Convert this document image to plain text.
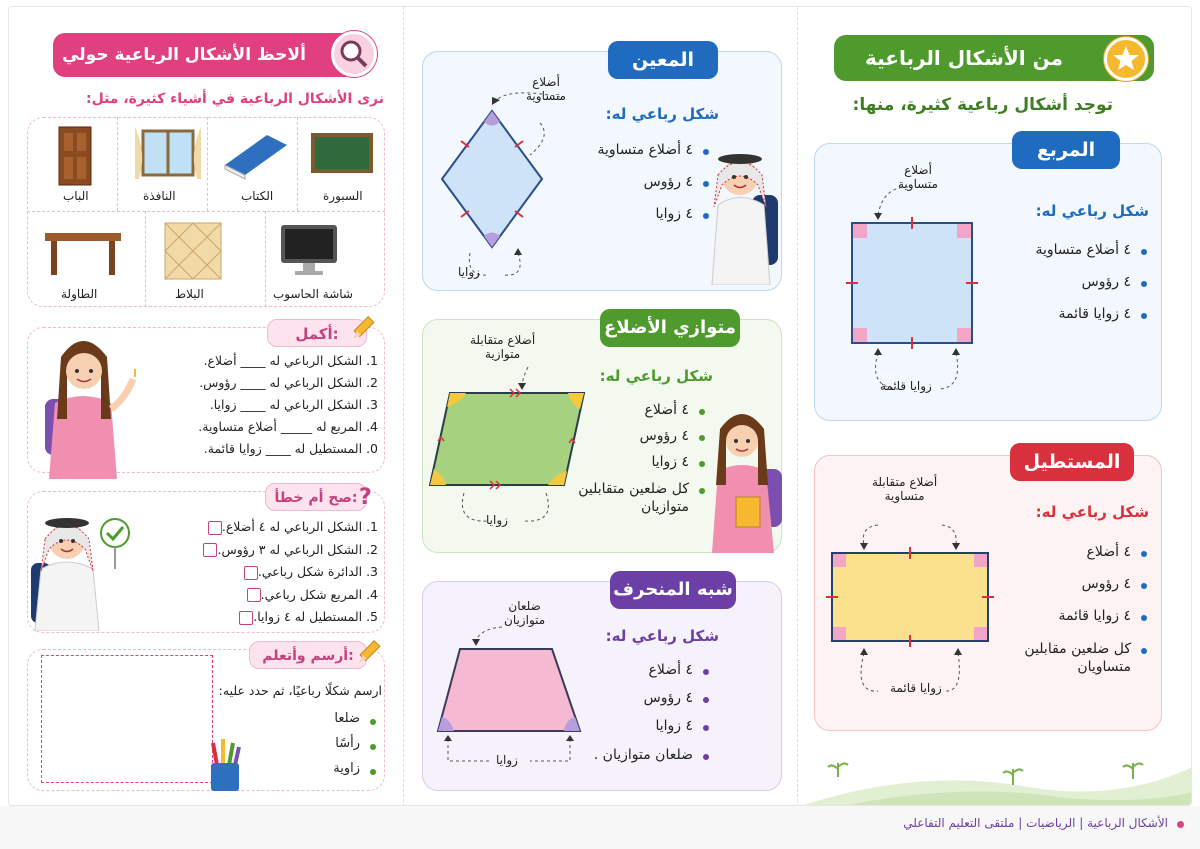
من الأشكال الرباعية
توجد أشكال رباعية كثيرة، منها:
المربع
شكل رباعي له:
٤ أضلاع متساوية
٤ رؤوس
٤ زوايا قائمة
أضلاع
متساوية
زوايا قائمة
المستطيل
شكل رباعي له:
٤ أضلاع
٤ رؤوس
٤ زوايا قائمة
كل ضلعين مقابلين متساويان
أضلاع متقابلة
متساوية
زوايا قائمة
المعين
شكل رباعي له:
٤ أضلاع متساوية
٤ رؤوس
٤ زوايا
أضلاع
متساوية
زوايا
متوازي الأضلاع
شكل رباعي له:
٤ أضلاع
٤ رؤوس
٤ زوايا
كل ضلعين متقابلين متوازيان
أضلاع متقابلة
متوازية
زوايا
شبه المنحرف
شكل رباعي له:
٤ أضلاع
٤ رؤوس
٤ زوايا
ضلعان متوازيان .
ضلعان
متوازيان
زوايا
ألاحظ الأشكال الرباعية حولي
نرى الأشكال الرباعية في أشياء كثيرة، مثل:
السبورة
الكتاب
النافذة
الباب
شاشة الحاسوب
البلاط
الطاولة
أكمل:
1. الشكل الرباعي له ____ أضلاع.
2. الشكل الرباعي له ____ رؤوس.
3. الشكل الرباعي له ____ زوايا.
4. المربع له _____ أضلاع متساوية.
0. المستطيل له ____ زوايا قائمة.
صح أم خطأ: ?
1. الشكل الرباعي له ٤ أضلاع.
2. الشكل الرباعي له ٣ رؤوس.
3. الدائرة شكل رباعي.
4. المربع شكل رباعي.
5. المستطيل له ٤ زوايا.
أرسم وأتعلم:
ارسم شكلًا رباعيًا، ثم حدد عليه:
ضلعا
رأسًا
زاوية
الأشكال الرباعية | الرياضيات | ملتقى التعليم التفاعلي
